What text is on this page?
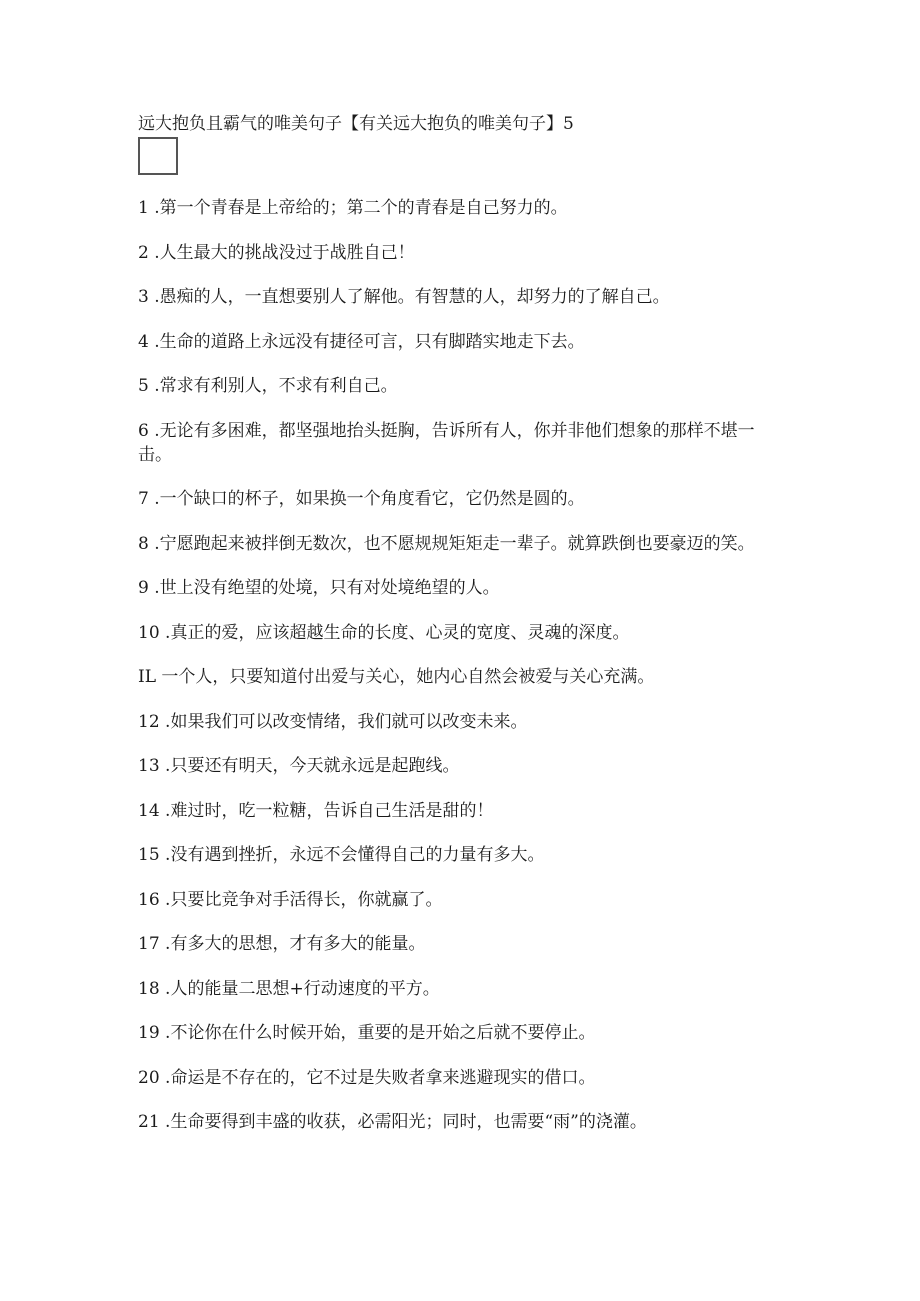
远大抱负且霸气的唯美句子【有关远大抱负的唯美句子】5
1 .第一个青春是上帝给的；第二个的青春是自己努力的。
2 .人生最大的挑战没过于战胜自己！
3 .愚痴的人，一直想要别人了解他。有智慧的人，却努力的了解自己。
4 .生命的道路上永远没有捷径可言，只有脚踏实地走下去。
5 .常求有利别人，不求有利自己。
6 .无论有多困难，都坚强地抬头挺胸，告诉所有人，你并非他们想象的那样不堪一击。
7 .一个缺口的杯子，如果换一个角度看它，它仍然是圆的。
8 .宁愿跑起来被拌倒无数次，也不愿规规矩矩走一辈子。就算跌倒也要豪迈的笑。
9 .世上没有绝望的处境，只有对处境绝望的人。
10 .真正的爱，应该超越生命的长度、心灵的宽度、灵魂的深度。
IL 一个人，只要知道付出爱与关心，她内心自然会被爱与关心充满。
12 .如果我们可以改变情绪，我们就可以改变未来。
13 .只要还有明天，今天就永远是起跑线。
14 .难过时，吃一粒糖，告诉自己生活是甜的！
15 .没有遇到挫折，永远不会懂得自己的力量有多大。
16 .只要比竞争对手活得长，你就赢了。
17 .有多大的思想，才有多大的能量。
18 .人的能量二思想+行动速度的平方。
19 .不论你在什么时候开始，重要的是开始之后就不要停止。
20 .命运是不存在的，它不过是失败者拿来逃避现实的借口。
21 .生命要得到丰盛的收获，必需阳光；同时，也需要“雨”的浇灌。
